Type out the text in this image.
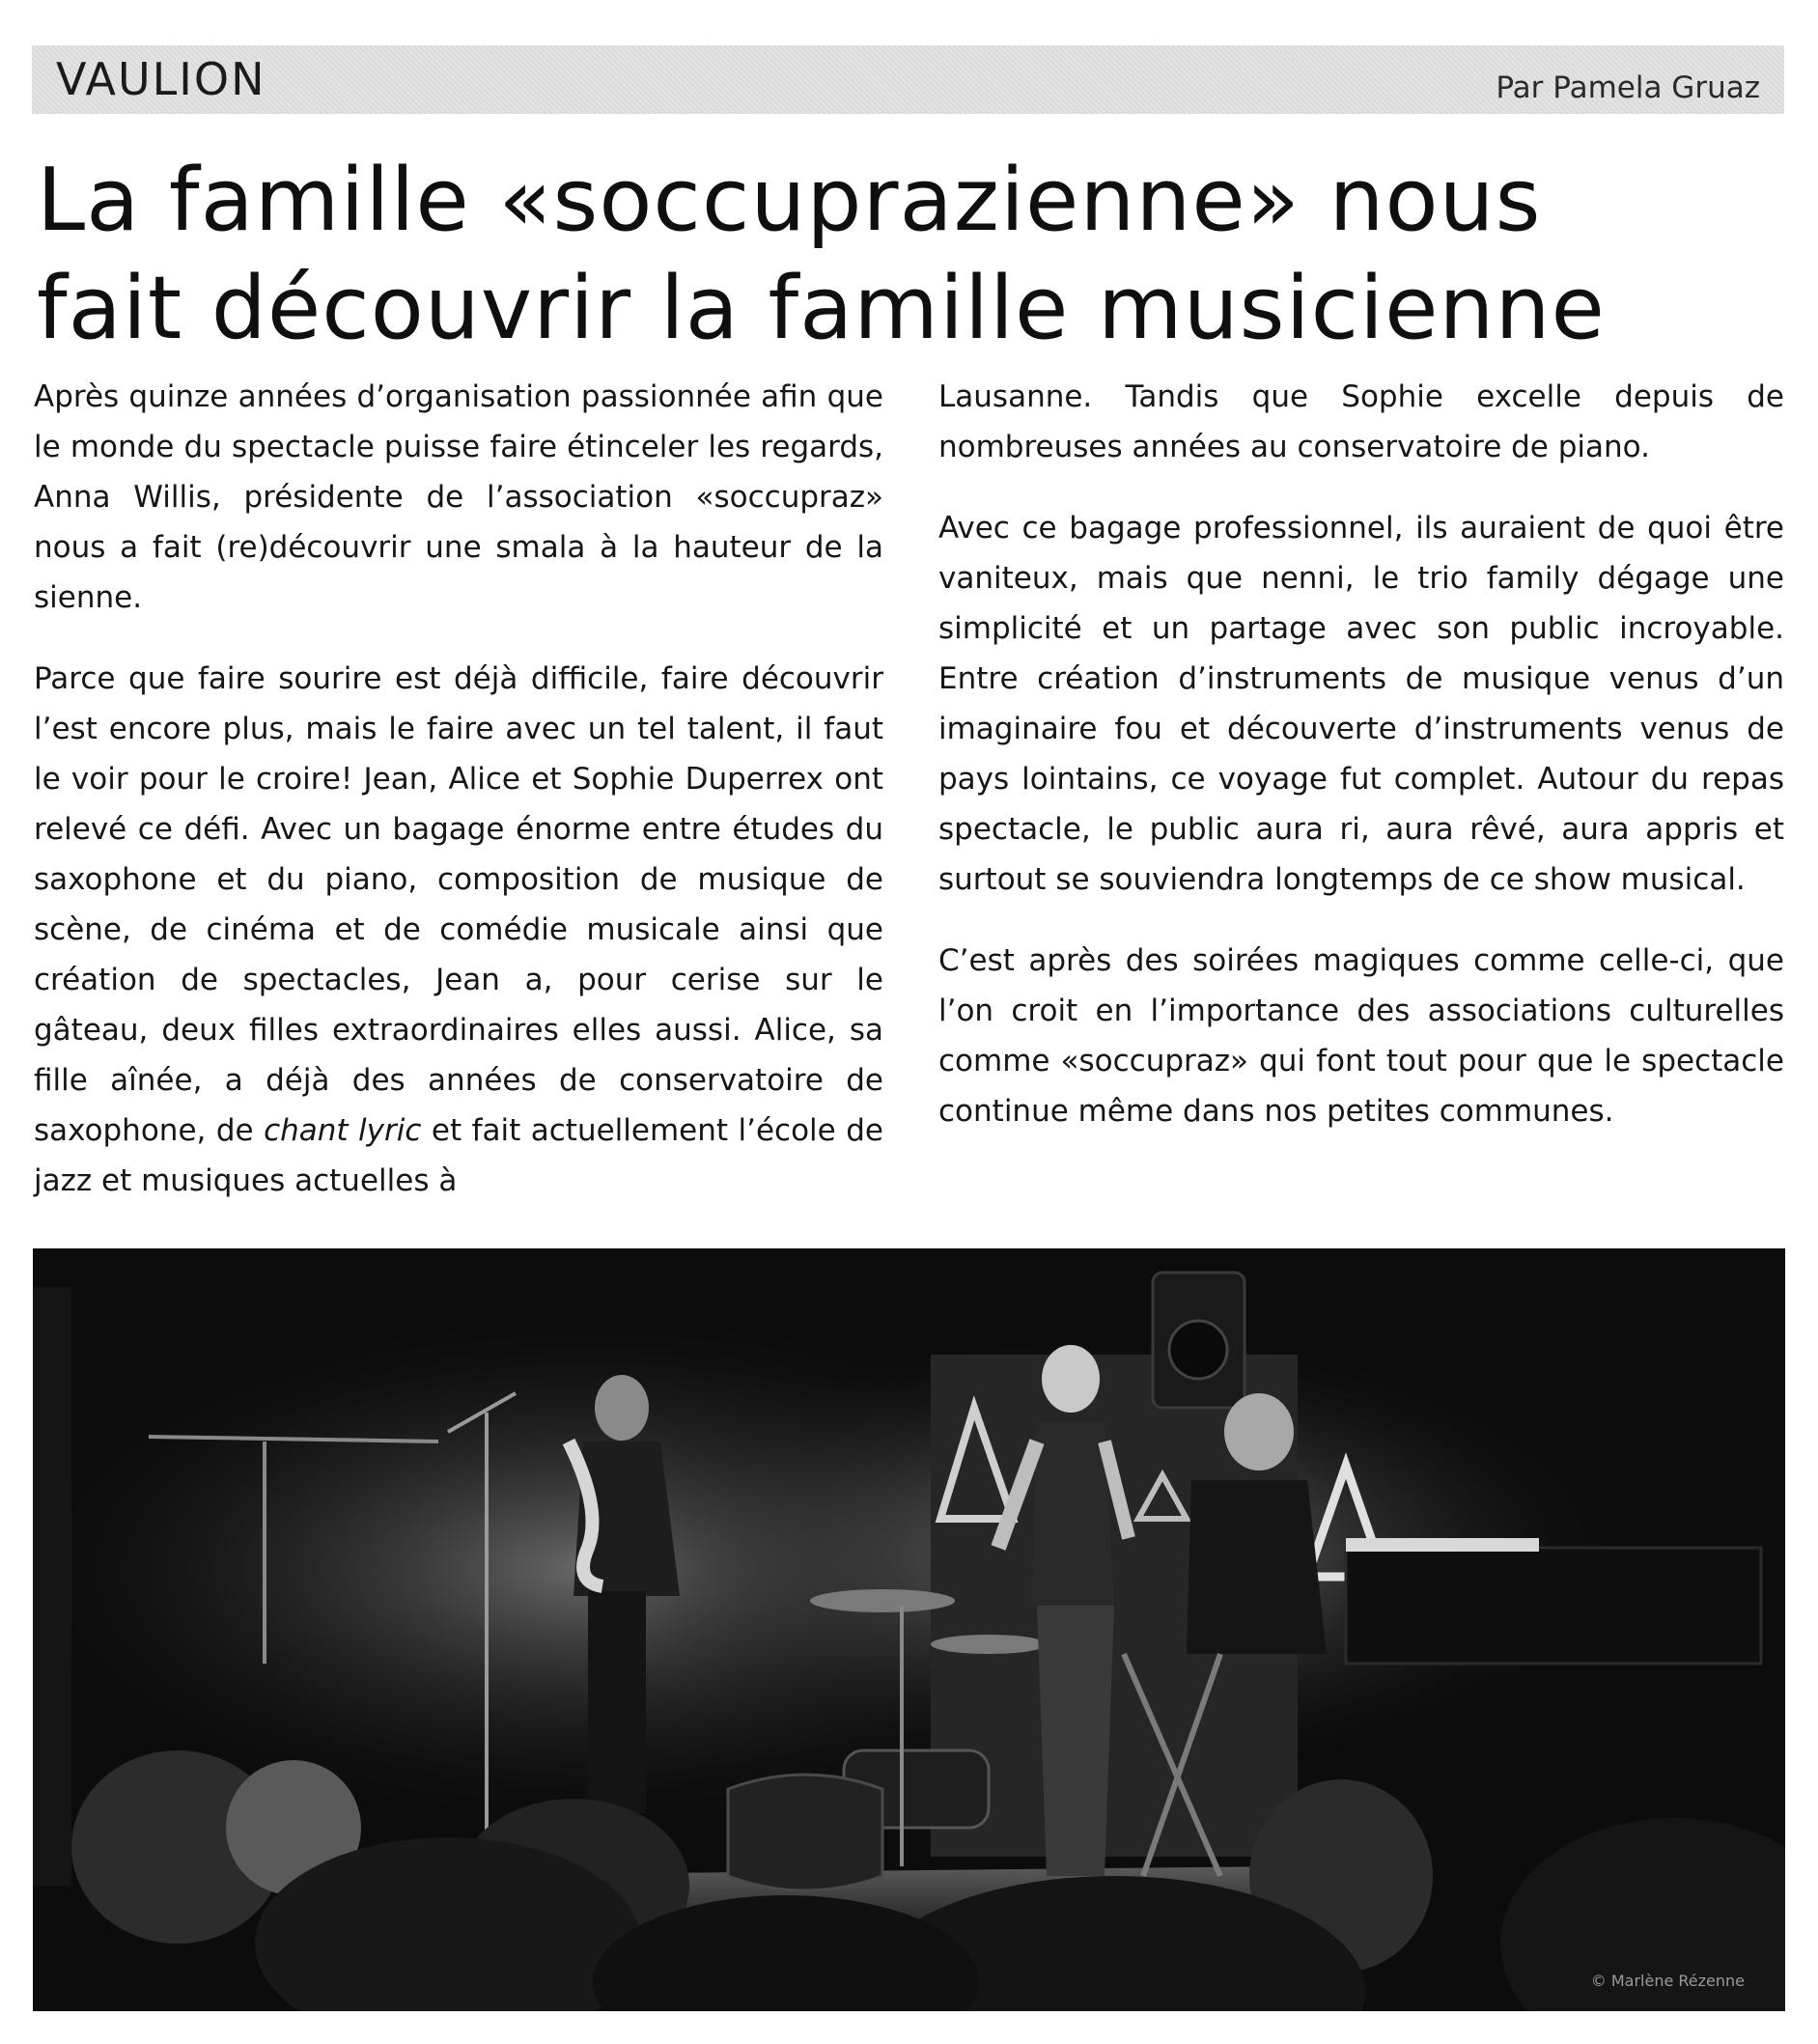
VAULION	Par Pamela Gruaz
La famille «soccuprazienne» nous
fait découvrir la famille musicienne

Après quinze années d’organisation passionnée afin que le monde du spectacle puisse faire étinceler les regards, Anna Willis, présidente de l’association «soccupraz» nous a fait (re)découvrir une smala à la hauteur de la sienne.

Parce que faire sourire est déjà difficile, faire découvrir l’est encore plus, mais le faire avec un tel talent, il faut le voir pour le croire! Jean, Alice et Sophie Duperrex ont relevé ce défi. Avec un bagage énorme entre études du saxophone et du piano, composition de musique de scène, de cinéma et de comédie musicale ainsi que création de spectacles, Jean a, pour cerise sur le gâteau, deux filles extraordinaires elles aussi. Alice, sa fille aînée, a déjà des années de conservatoire de saxophone, de chant lyric et fait actuellement l’école de jazz et musiques actuelles à

Lausanne. Tandis que Sophie excelle depuis de nombreuses années au conservatoire de piano.

Avec ce bagage professionnel, ils auraient de quoi être vaniteux, mais que nenni, le trio family dégage une simplicité et un partage avec son public incroyable. Entre création d’instruments de musique venus d’un imaginaire fou et découverte d’instruments venus de pays lointains, ce voyage fut complet. Autour du repas spectacle, le public aura ri, aura rêvé, aura appris et surtout se souviendra longtemps de ce show musical.

C’est après des soirées magiques comme celle-ci, que l’on croit en l’importance des associations culturelles comme «soccupraz» qui font tout pour que le spectacle continue même dans nos petites communes.

© Marlène Rézenne
